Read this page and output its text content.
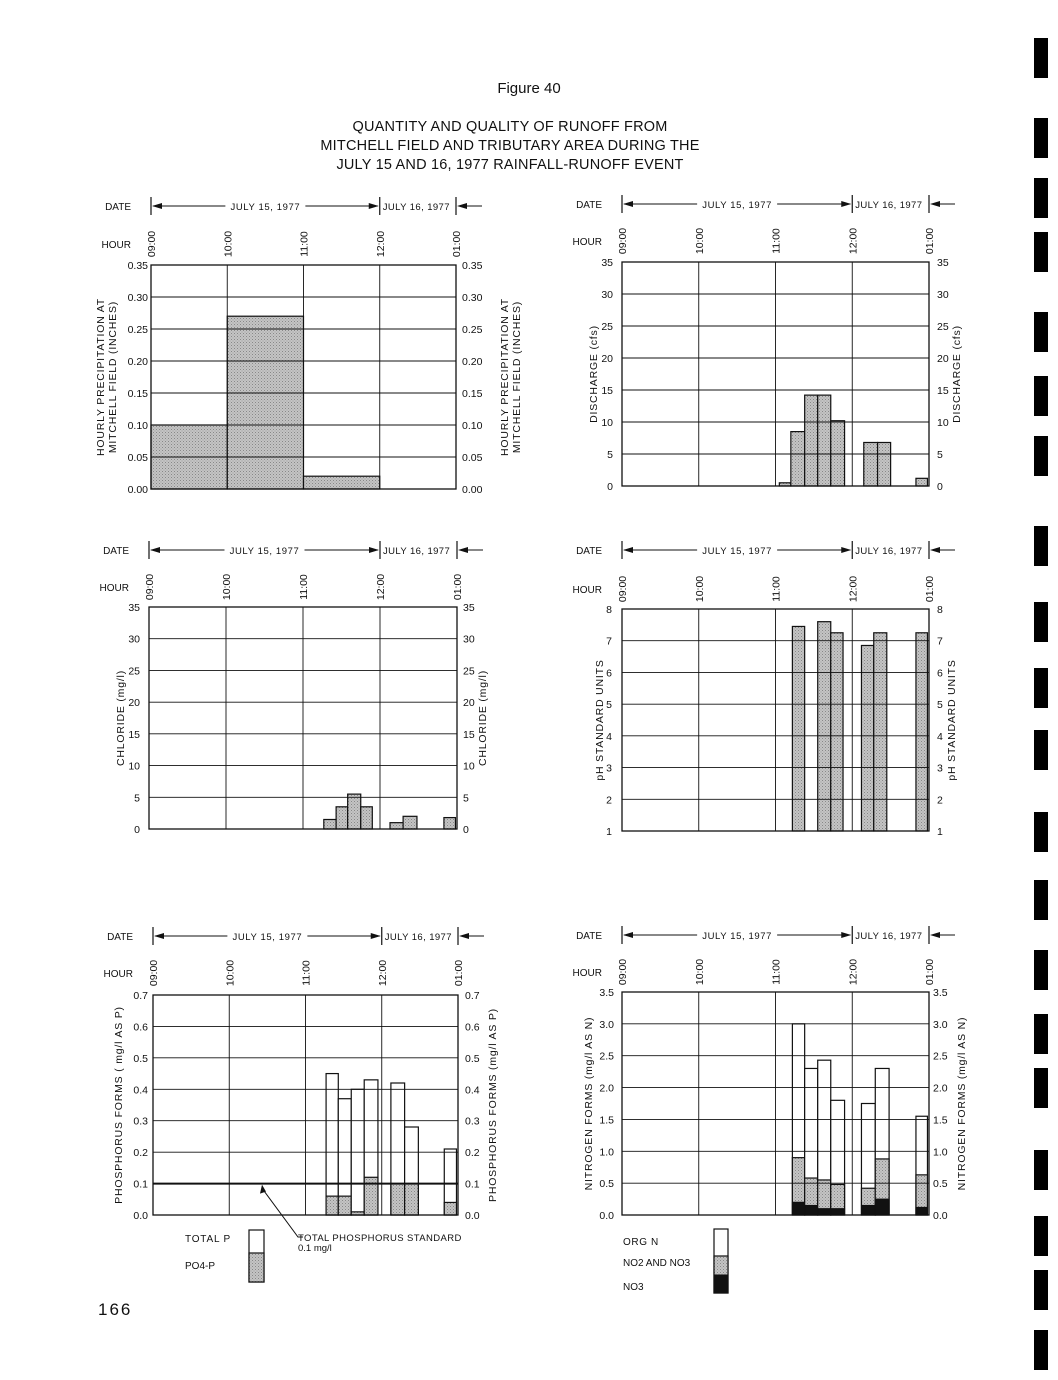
Figure 40
QUANTITY AND QUALITY OF RUNOFF FROM
MITCHELL FIELD AND TRIBUTARY AREA DURING THE
JULY 15 AND 16, 1977 RAINFALL-RUNOFF EVENT
0.00	0.00
0.05	0.05
0.10	0.10
0.15	0.15
0.20	0.20
0.25	0.25
0.30	0.30
0.35	0.35
HOURLY PRECIPITATION AT MITCHELL FIELD (INCHES)	HOURLY PRECIPITATION AT MITCHELL FIELD (INCHES)
DATE	JULY 15, 1977	JULY 16, 1977
HOUR 09:00	10:00	11:00	12:00	01:00
0	0
5	5
10	10
15	15
20	20
25	25
30	30
35	35
DISCHARGE (cfs)	DISCHARGE (cfs)
DATE	JULY 15, 1977	JULY 16, 1977
HOUR 09:00	10:00	11:00	12:00	01:00
0	0
5	5
10	10
15	15
20	20
25	25
30	30
35	35
CHLORIDE (mg/l)	CHLORIDE (mg/l)
DATE	JULY 15, 1977	JULY 16, 1977
HOUR 09:00	10:00	11:00	12:00	01:00
1	1
2	2
3	3
4	4
5	5
6	6
7	7
8	8
pH STANDARD UNITS	pH STANDARD UNITS
DATE	JULY 15, 1977	JULY 16, 1977
HOUR 09:00	10:00	11:00	12:00	01:00
0.0	0.0
0.1	0.1
0.2	0.2
0.3	0.3
0.4	0.4
0.5	0.5
0.6	0.6
0.7	0.7
PHOSPHORUS FORMS ( mg/l AS P)	PHOSPHORUS FORMS (mg/l AS P)
DATE	JULY 15, 1977	JULY 16, 1977
HOUR 09:00	10:00	11:00	12:00	01:00
0.0	0.0
0.5	0.5
1.0	1.0
1.5	1.5
2.0	2.0
2.5	2.5
3.0	3.0
3.5	3.5
NITROGEN FORMS (mg/l AS N)	NITROGEN FORMS (mg/l AS N)
DATE	JULY 15, 1977	JULY 16, 1977
HOUR 09:00	10:00	11:00	12:00	01:00
TOTAL PHOSPHORUS STANDARD
0.1 mg/l
TOTAL P
PO4-P
ORG N
NO2 AND NO3
NO3
166
